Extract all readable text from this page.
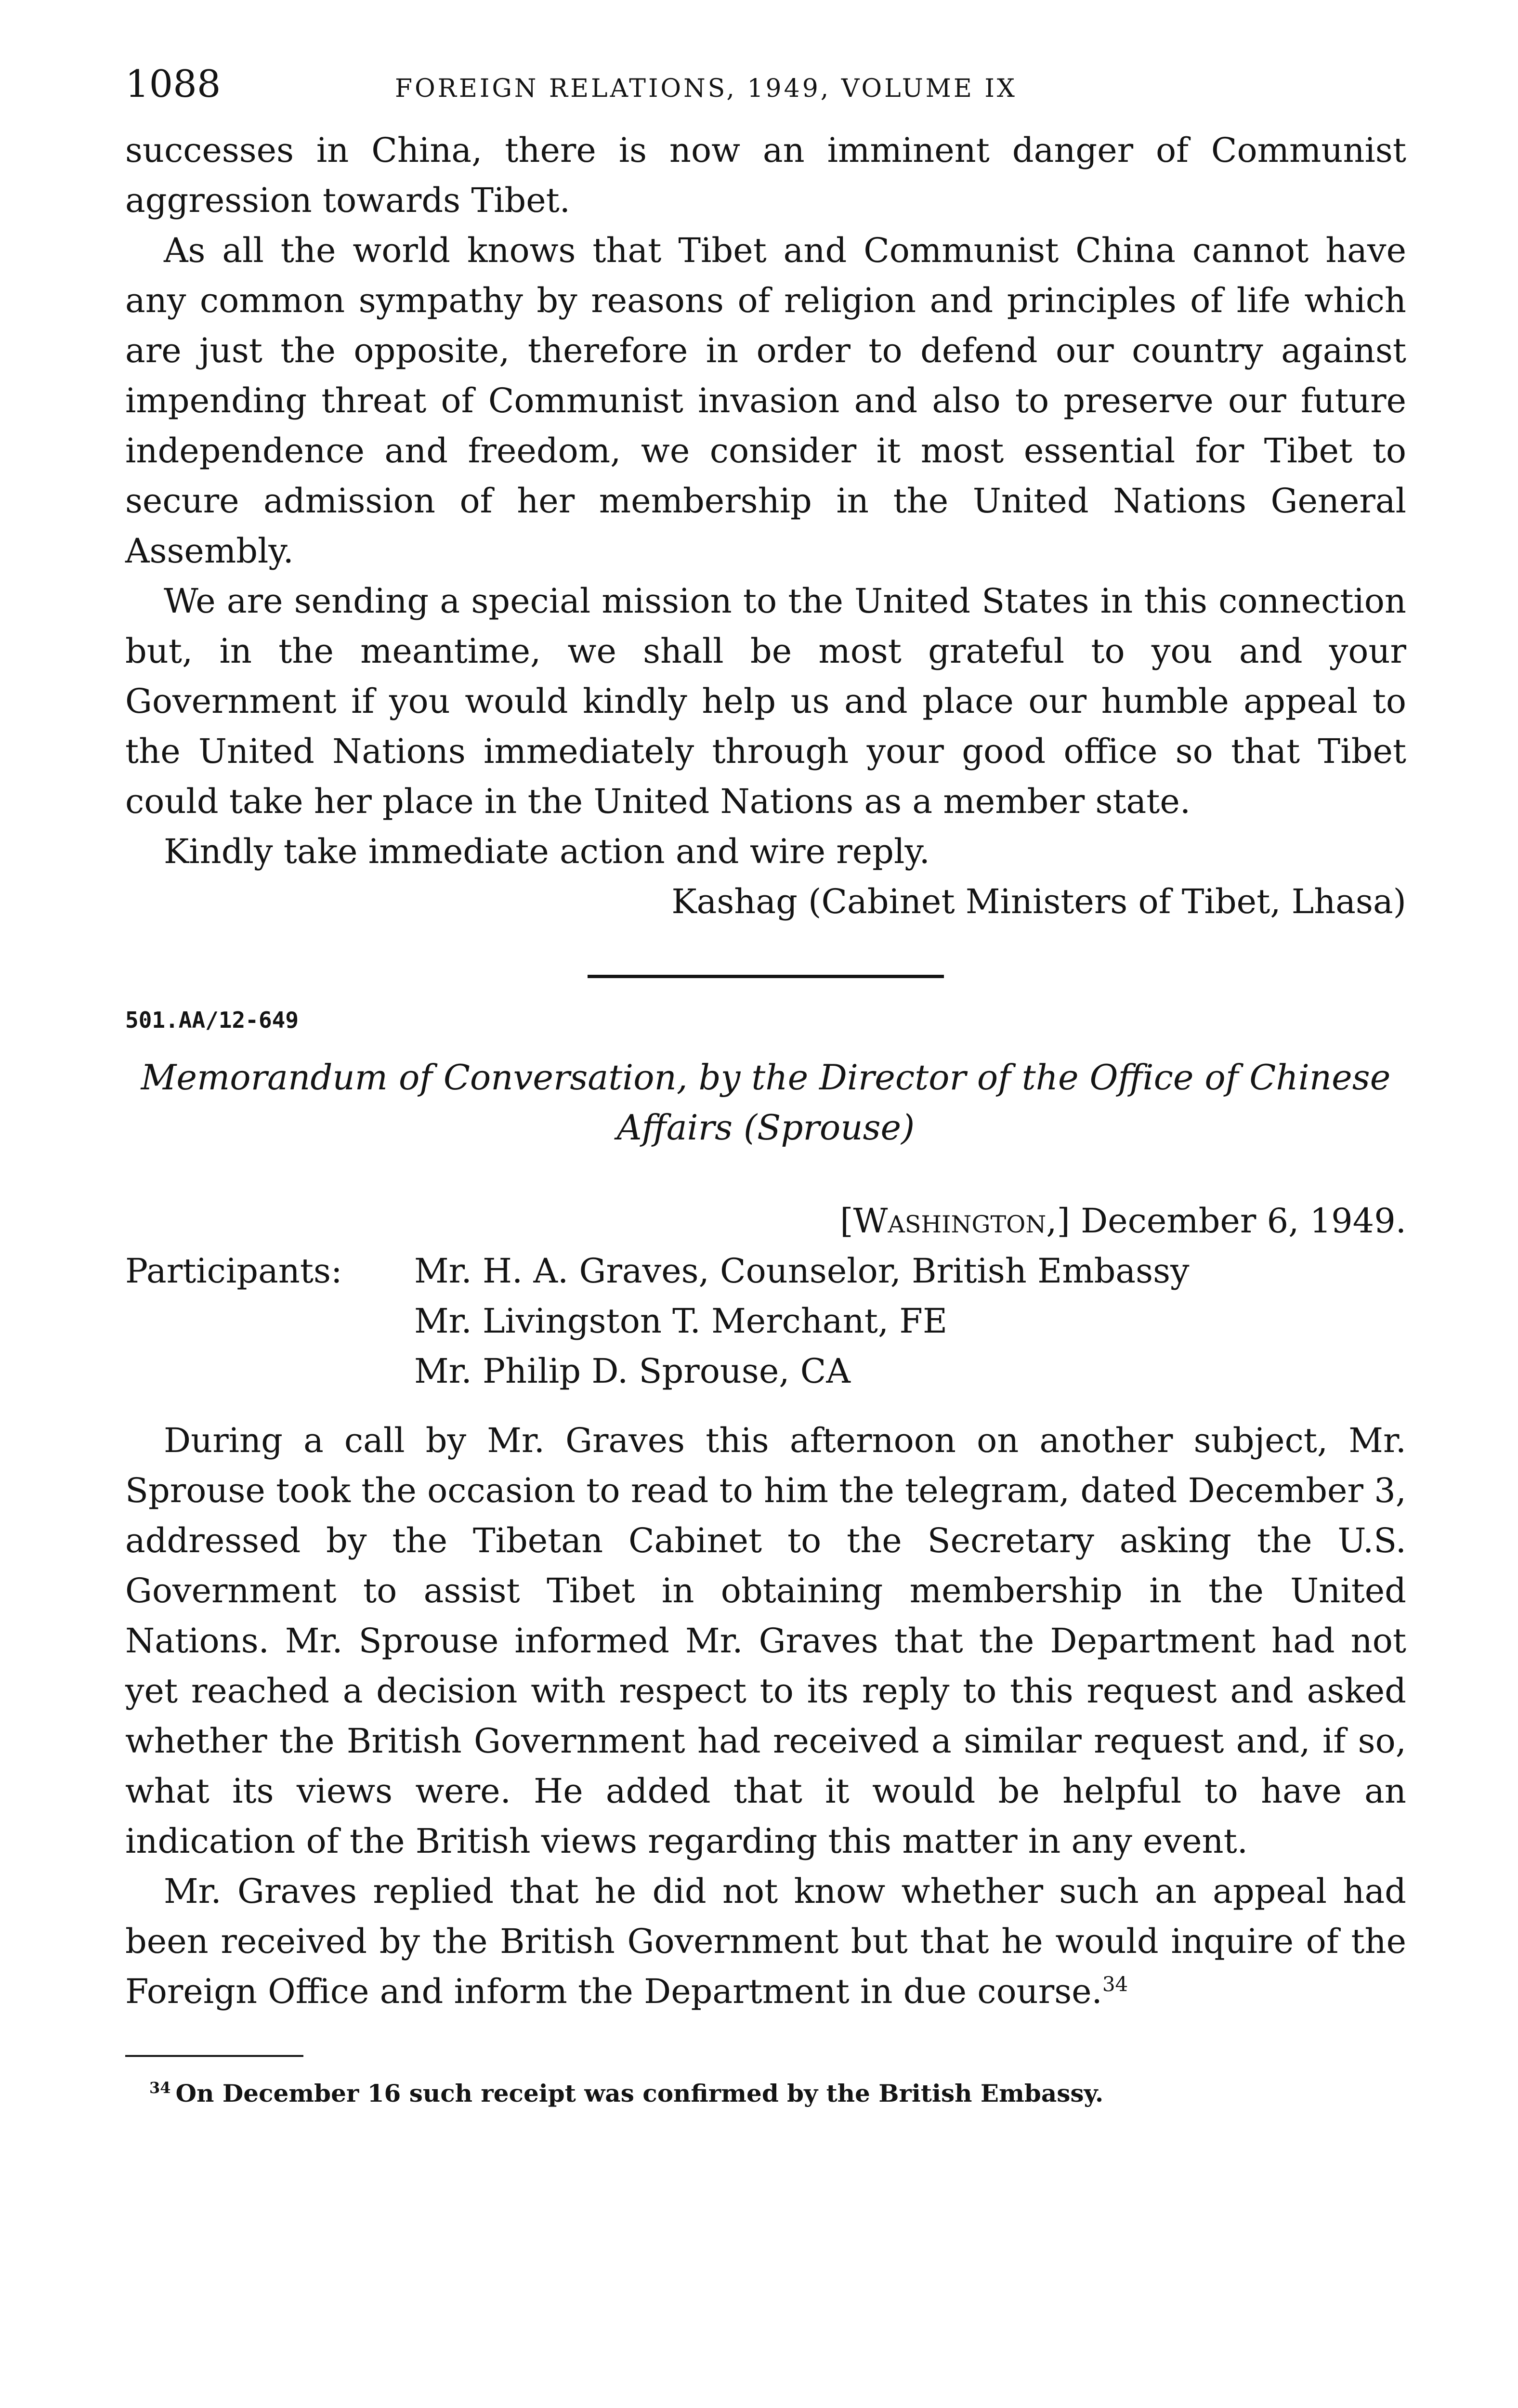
1088	FOREIGN RELATIONS, 1949, VOLUME IX

successes in China, there is now an imminent danger of Communist aggression towards Tibet.

As all the world knows that Tibet and Communist China cannot have any common sympathy by reasons of religion and principles of life which are just the opposite, therefore in order to defend our country against impending threat of Communist invasion and also to preserve our future independence and freedom, we consider it most essential for Tibet to secure admission of her membership in the United Nations General Assembly.

We are sending a special mission to the United States in this connection but, in the meantime, we shall be most grateful to you and your Government if you would kindly help us and place our humble appeal to the United Nations immediately through your good office so that Tibet could take her place in the United Nations as a member state.

Kindly take immediate action and wire reply.

Kashag (Cabinet Ministers of Tibet, Lhasa)

501.AA/12-649

Memorandum of Conversation, by the Director of the Office of Chinese
Affairs (Sprouse)

[Washington,] December 6, 1949.

Participants:	Mr. H. A. Graves, Counselor, British Embassy
Mr. Livingston T. Merchant, FE
Mr. Philip D. Sprouse, CA

During a call by Mr. Graves this afternoon on another subject, Mr. Sprouse took the occasion to read to him the telegram, dated December 3, addressed by the Tibetan Cabinet to the Secretary asking the U.S. Government to assist Tibet in obtaining membership in the United Nations. Mr. Sprouse informed Mr. Graves that the Department had not yet reached a decision with respect to its reply to this request and asked whether the British Government had received a similar request and, if so, what its views were. He added that it would be helpful to have an indication of the British views regarding this matter in any event.

Mr. Graves replied that he did not know whether such an appeal had been received by the British Government but that he would inquire of the Foreign Office and inform the Department in due course.$^{34}$

$^{34}$ On December 16 such receipt was confirmed by the British Embassy.
